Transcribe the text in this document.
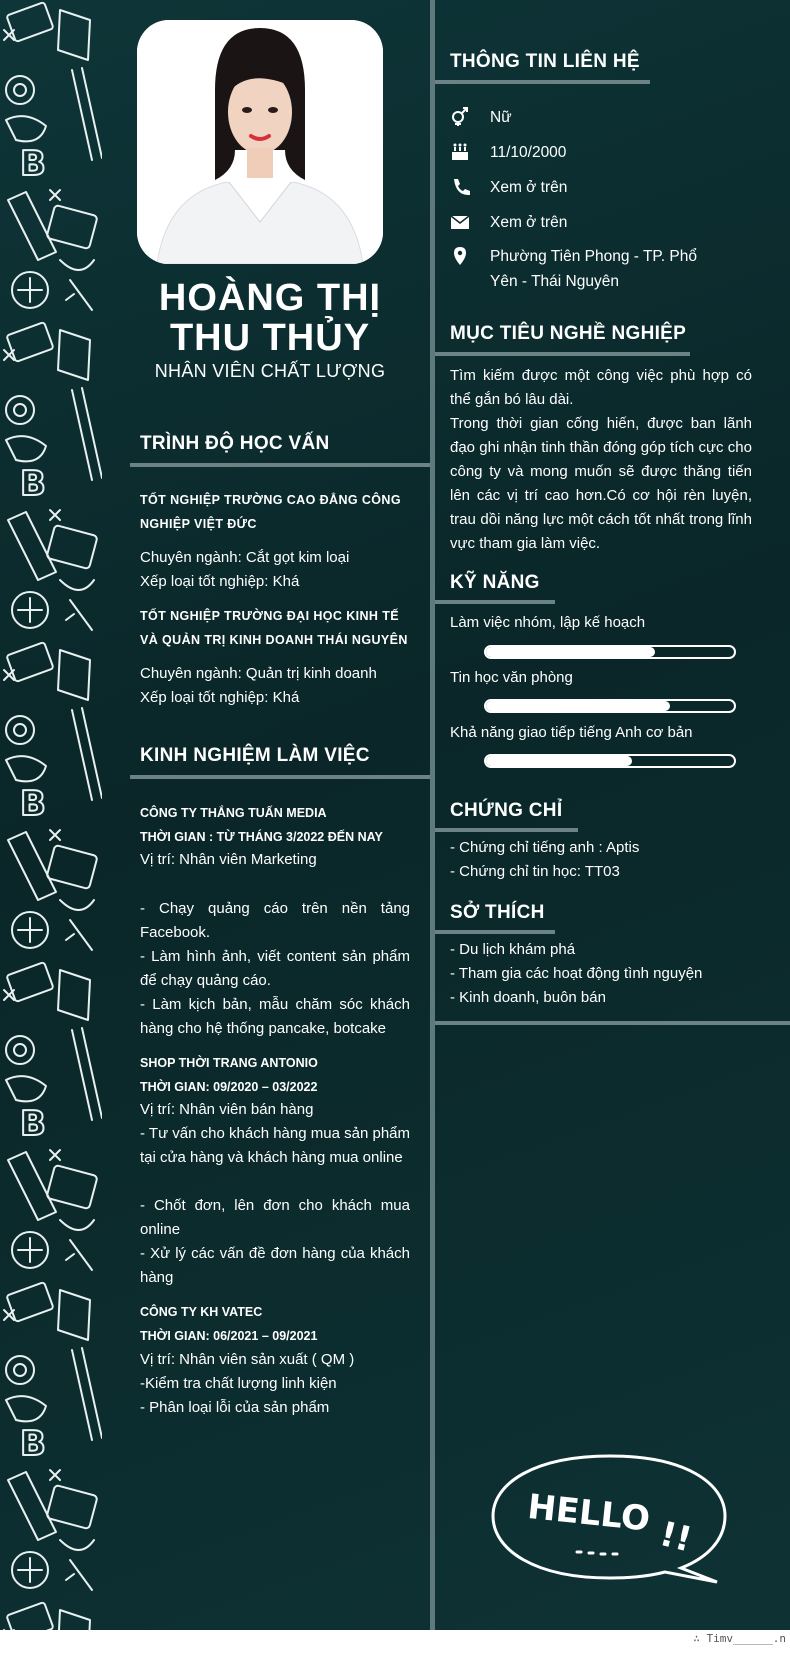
HOÀNG THỊ
THU THỦY
NHÂN VIÊN CHẤT LƯỢNG
TRÌNH ĐỘ HỌC VẤN
TỐT NGHIỆP TRƯỜNG CAO ĐẲNG CÔNG
NGHIỆP VIỆT ĐỨC
Chuyên ngành: Cắt gọt kim loại
Xếp loại tốt nghiệp: Khá
TỐT NGHIỆP TRƯỜNG ĐẠI HỌC KINH TẾ
VÀ QUẢN TRỊ KINH DOANH THÁI NGUYÊN
Chuyên ngành: Quản trị kinh doanh
Xếp loại tốt nghiệp: Khá
KINH NGHIỆM LÀM VIỆC
CÔNG TY THẮNG TUẤN MEDIA
THỜI GIAN : TỪ THÁNG 3/2022 ĐẾN NAY
Vị trí: Nhân viên Marketing
- Chạy quảng cáo trên nền tảng Facebook.
- Làm hình ảnh, viết content sản phẩm để chạy quảng cáo.
- Làm kịch bản, mẫu chăm sóc khách hàng cho hệ thống pancake, botcake
SHOP THỜI TRANG ANTONIO
THỜI GIAN: 09/2020 – 03/2022
Vị trí: Nhân viên bán hàng
- Tư vấn cho khách hàng mua sản phẩm tại cửa hàng và khách hàng mua online
- Chốt đơn, lên đơn cho khách mua online
- Xử lý các vấn đề đơn hàng của khách hàng
CÔNG TY KH VATEC
THỜI GIAN: 06/2021 – 09/2021
Vị trí: Nhân viên sản xuất ( QM )
-Kiểm tra chất lượng linh kiện
- Phân loại lỗi của sản phẩm
THÔNG TIN LIÊN HỆ
Nữ
11/10/2000
Xem ở trên
Xem ở trên
Phường Tiên Phong - TP. Phổ Yên - Thái Nguyên
MỤC TIÊU NGHỀ NGHIỆP
Tìm kiếm được một công việc phù hợp có thể gắn bó lâu dài.
Trong thời gian cống hiến, được ban lãnh đạo ghi nhận tinh thần đóng góp tích cực cho công ty và mong muốn sẽ được thăng tiến lên các vị trí cao hơn.Có cơ hội rèn luyện, trau dồi năng lực một cách tốt nhất trong lĩnh vực tham gia làm việc.
KỸ NĂNG
Làm việc nhóm, lập kế hoạch
Tin học văn phòng
Khả năng giao tiếp tiếng Anh cơ bản
CHỨNG CHỈ
- Chứng chỉ tiếng anh : Aptis
- Chứng chỉ tin học: TT03
SỞ THÍCH
- Du lịch khám phá
- Tham gia các hoạt động tình nguyện
- Kinh doanh, buôn bán
HELLO !!
∴ Timv______.n
